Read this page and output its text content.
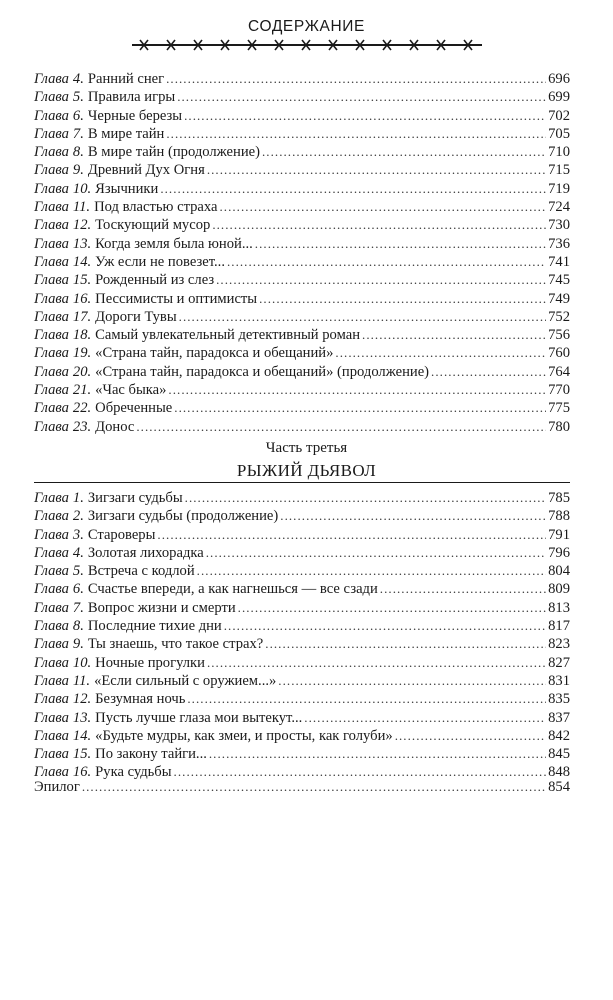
СОДЕРЖАНИЕ
Глава 4. Ранний снег . . .	696
Глава 5. Правила игры . . .	699
Глава 6. Черные березы . . .	702
Глава 7. В мире тайн . . .	705
Глава 8. В мире тайн (продолжение) . . .	710
Глава 9. Древний Дух Огня . . .	715
Глава 10. Язычники . . .	719
Глава 11. Под властью страха . . .	724
Глава 12. Тоскующий мусор . . .	730
Глава 13. Когда земля была юной... . . .	736
Глава 14. Уж если не повезет... . . .	741
Глава 15. Рожденный из слез . . .	745
Глава 16. Пессимисты и оптимисты . . .	749
Глава 17. Дороги Тувы . . .	752
Глава 18. Самый увлекательный детективный роман . . .	756
Глава 19. «Страна тайн, парадокса и обещаний» . . .	760
Глава 20. «Страна тайн, парадокса и обещаний» (продолжение) . . .	764
Глава 21. «Час быка» . . .	770
Глава 22. Обреченные . . .	775
Глава 23. Донос . . .	780
Часть третья
РЫЖИЙ ДЬЯВОЛ
Глава 1. Зигзаги судьбы . . .	785
Глава 2. Зигзаги судьбы (продолжение) . . .	788
Глава 3. Староверы . . .	791
Глава 4. Золотая лихорадка . . .	796
Глава 5. Встреча с кодлой . . .	804
Глава 6. Счастье впереди, а как нагнешься — все сзади . . .	809
Глава 7. Вопрос жизни и смерти . . .	813
Глава 8. Последние тихие дни . . .	817
Глава 9. Ты знаешь, что такое страх? . . .	823
Глава 10. Ночные прогулки . . .	827
Глава 11. «Если сильный с оружием...» . . .	831
Глава 12. Безумная ночь . . .	835
Глава 13. Пусть лучше глаза мои вытекут... . . .	837
Глава 14. «Будьте мудры, как змеи, и просты, как голуби» . . .	842
Глава 15. По закону тайги... . . .	845
Глава 16. Рука судьбы . . .	848
Эпилог . . .	854
